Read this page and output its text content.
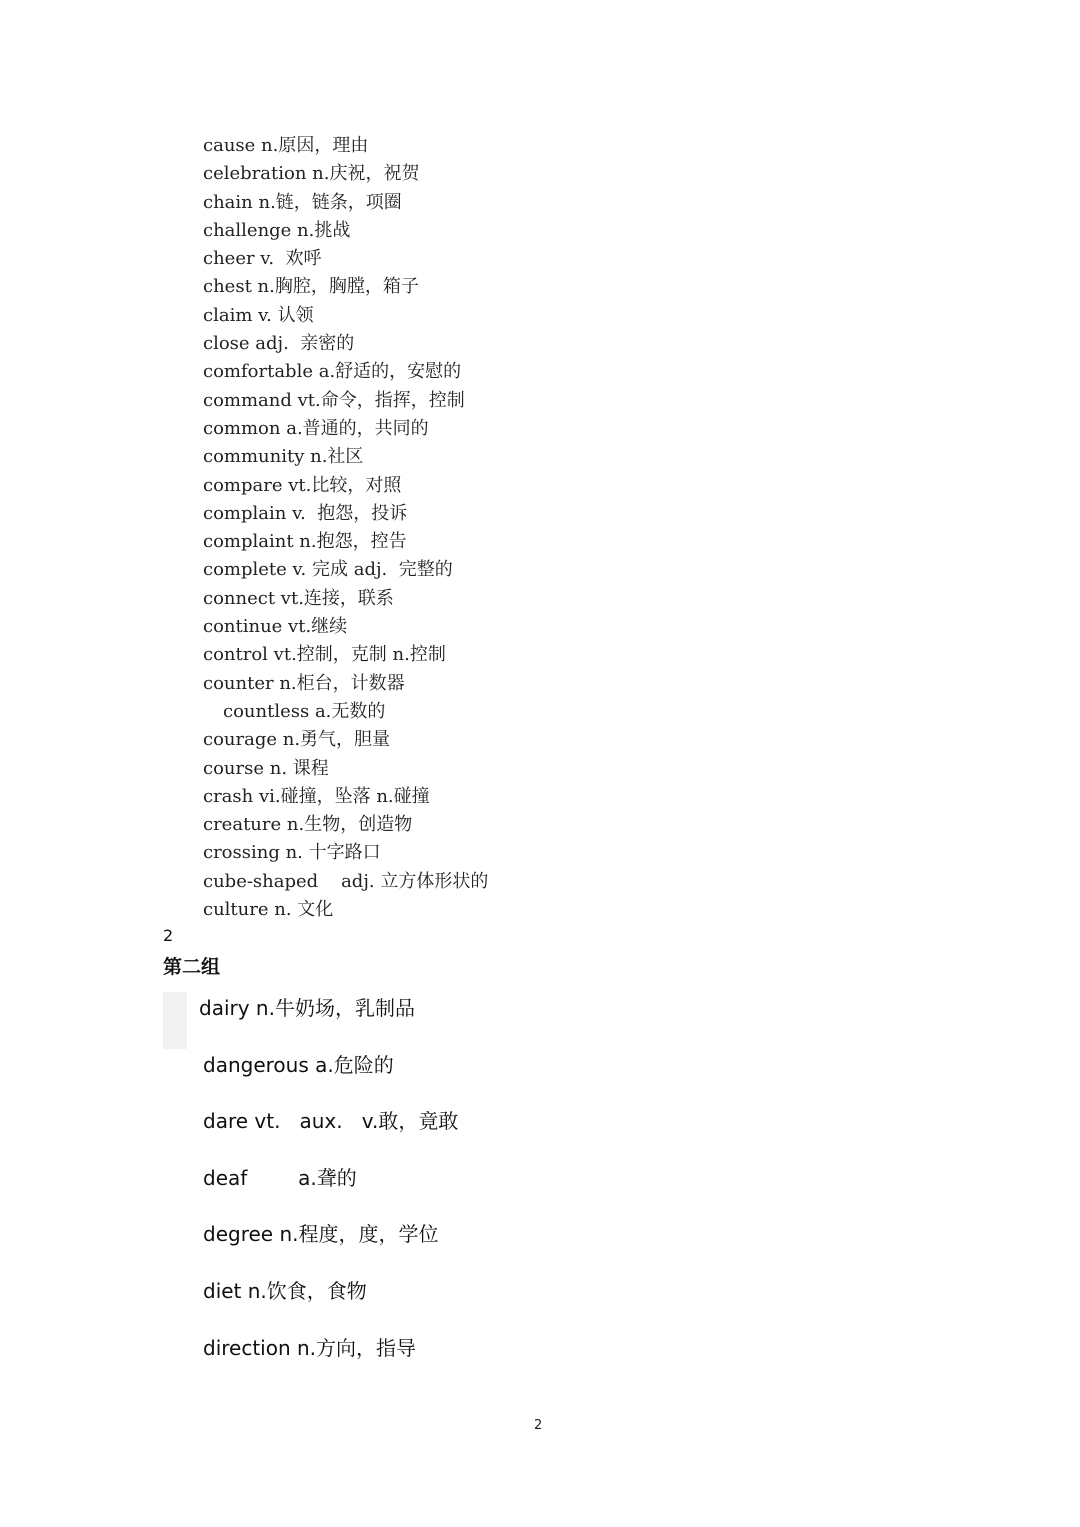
cause n.原因，理由
celebration n.庆祝，祝贺
chain n.链，链条，项圈
challenge n.挑战
cheer v.  欢呼
chest n.胸腔，胸膛，箱子
claim v. 认领
close adj.  亲密的
comfortable a.舒适的，安慰的
command vt.命令，指挥，控制
common a.普通的，共同的
community n.社区
compare vt.比较，对照
complain v.  抱怨，投诉
complaint n.抱怨，控告
complete v. 完成 adj.  完整的
connect vt.连接，联系
continue vt.继续
control vt.控制，克制 n.控制
counter n.柜台，计数器
countless a.无数的
courage n.勇气，胆量
course n. 课程
crash vi.碰撞，坠落 n.碰撞
creature n.生物，创造物
crossing n. 十字路口
cube-shaped    adj. 立方体形状的
culture n. 文化
2
第二组
dairy n.牛奶场，乳制品
dangerous a.危险的
dare vt.   aux.   v.敢，竟敢
deaf        a.聋的
degree n.程度，度，学位
diet n.饮食，食物
direction n.方向，指导
2
